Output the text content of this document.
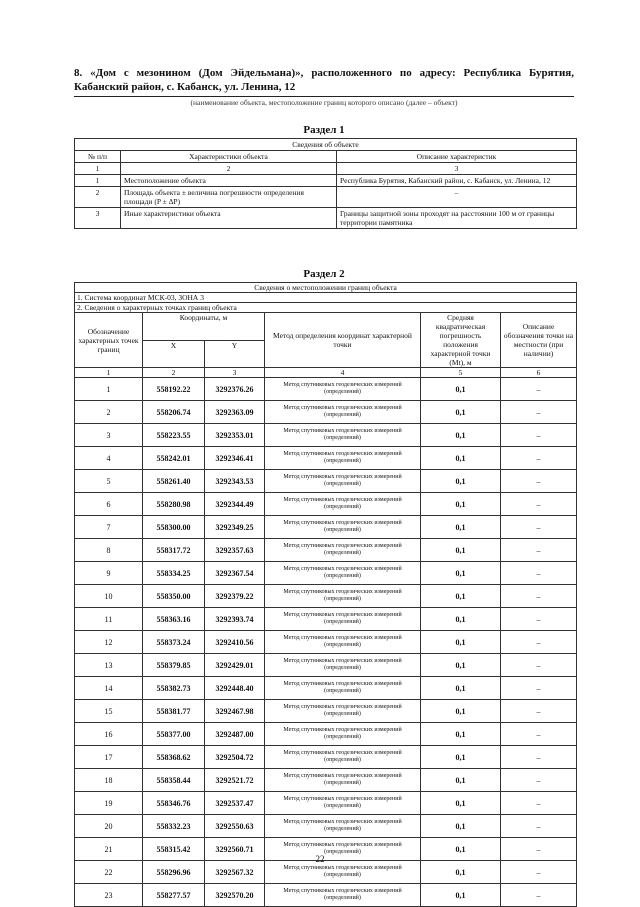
8. «Дом с мезонином (Дом Эйдельмана)», расположенного по адресу: Республика Бурятия, Кабанский район, с. Кабанск, ул. Ленина, 12
(наименование объекта, местоположение границ которого описано (далее – объект)
Раздел 1
Сведения об объекте		
№ п/п	Характеристики объекта	Описание характеристик
1	2	3
1	Местоположение объекта	Республика Бурятия, Кабанский район, с. Кабанск, ул. Ленина, 12
2	Площадь объекта ± величина погрешности определения площади (P ± ΔP)	–
3	Иные характеристики объекта	Границы защитной зоны проходят на расстоянии 100 м от границы территории памятника
Раздел 2
Сведения о местоположении границ объекта					
1. Система координат МСК-03, ЗОНА 3					
2. Сведения о характерных точках границ объекта					
Обозначение характерных точек границ	Координаты, м		Метод определения координат характерной точки	Средняя квадратическая погрешность положения характерной точки (Mt), м	Описание обозначения точки на местности (при наличии)
	X	Y			
1	2	3	4	5	6
1	558192.22	3292376.26	Метод спутниковых геодезических измерений (определений)	0,1	–
2	558206.74	3292363.09	Метод спутниковых геодезических измерений (определений)	0,1	–
3	558223.55	3292353.01	Метод спутниковых геодезических измерений (определений)	0,1	–
4	558242.01	3292346.41	Метод спутниковых геодезических измерений (определений)	0,1	–
5	558261.40	3292343.53	Метод спутниковых геодезических измерений (определений)	0,1	–
6	558280.98	3292344.49	Метод спутниковых геодезических измерений (определений)	0,1	–
7	558300.00	3292349.25	Метод спутниковых геодезических измерений (определений)	0,1	–
8	558317.72	3292357.63	Метод спутниковых геодезических измерений (определений)	0,1	–
9	558334.25	3292367.54	Метод спутниковых геодезических измерений (определений)	0,1	–
10	558350.00	3292379.22	Метод спутниковых геодезических измерений (определений)	0,1	–
11	558363.16	3292393.74	Метод спутниковых геодезических измерений (определений)	0,1	–
12	558373.24	3292410.56	Метод спутниковых геодезических измерений (определений)	0,1	–
13	558379.85	3292429.01	Метод спутниковых геодезических измерений (определений)	0,1	–
14	558382.73	3292448.40	Метод спутниковых геодезических измерений (определений)	0,1	–
15	558381.77	3292467.98	Метод спутниковых геодезических измерений (определений)	0,1	–
16	558377.00	3292487.00	Метод спутниковых геодезических измерений (определений)	0,1	–
17	558368.62	3292504.72	Метод спутниковых геодезических измерений (определений)	0,1	–
18	558358.44	3292521.72	Метод спутниковых геодезических измерений (определений)	0,1	–
19	558346.76	3292537.47	Метод спутниковых геодезических измерений (определений)	0,1	–
20	558332.23	3292550.63	Метод спутниковых геодезических измерений (определений)	0,1	–
21	558315.42	3292560.71	Метод спутниковых геодезических измерений (определений)	0,1	–
22	558296.96	3292567.32	Метод спутниковых геодезических измерений (определений)	0,1	–
23	558277.57	3292570.20	Метод спутниковых геодезических измерений (определений)	0,1	–
22
